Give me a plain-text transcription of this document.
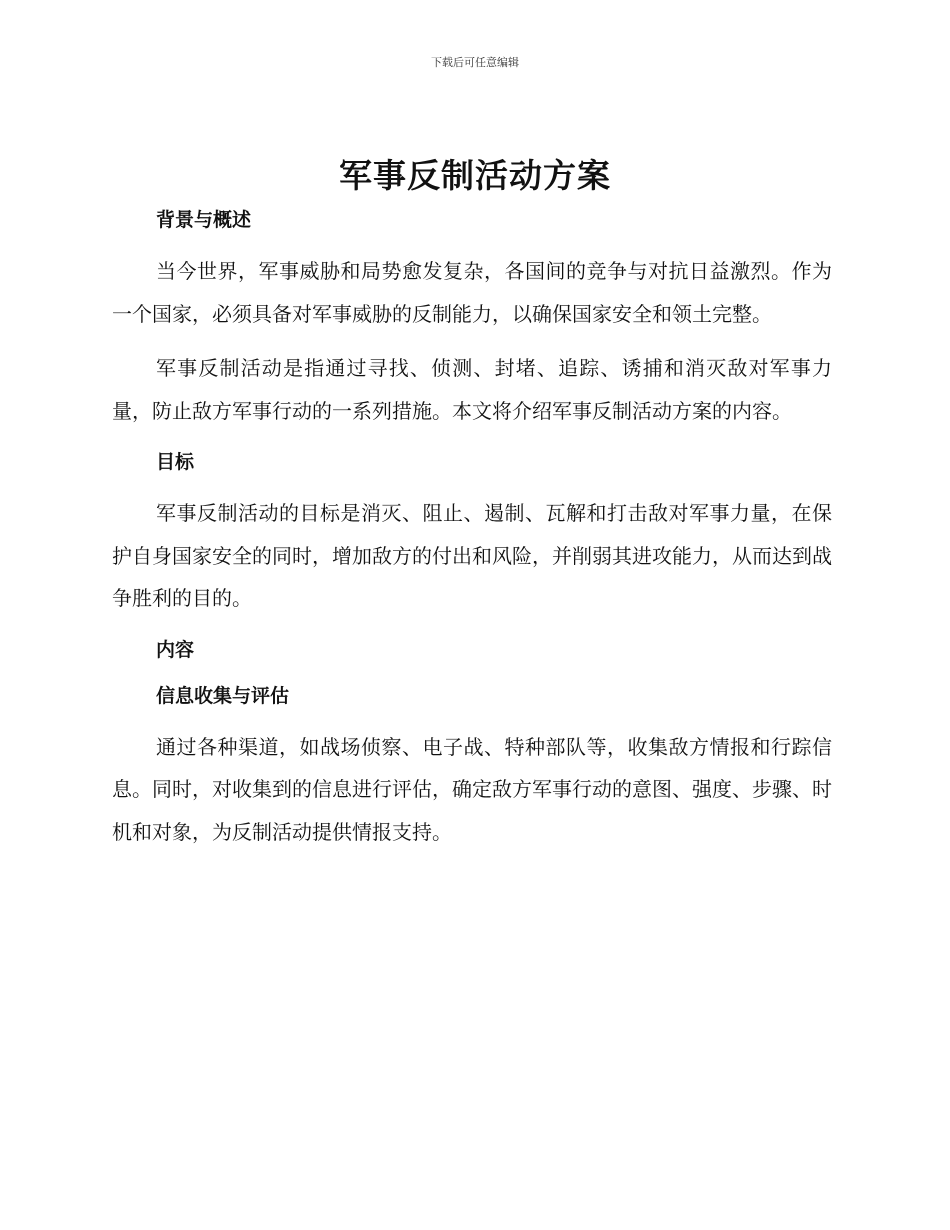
下载后可任意编辑
军事反制活动方案
背景与概述

当今世界，军事威胁和局势愈发复杂，各国间的竞争与对抗日益激烈。作为一个国家，必须具备对军事威胁的反制能力，以确保国家安全和领土完整。

军事反制活动是指通过寻找、侦测、封堵、追踪、诱捕和消灭敌对军事力量，防止敌方军事行动的一系列措施。本文将介绍军事反制活动方案的内容。

目标

军事反制活动的目标是消灭、阻止、遏制、瓦解和打击敌对军事力量，在保护自身国家安全的同时，增加敌方的付出和风险，并削弱其进攻能力，从而达到战争胜利的目的。

内容
信息收集与评估

通过各种渠道，如战场侦察、电子战、特种部队等，收集敌方情报和行踪信息。同时，对收集到的信息进行评估，确定敌方军事行动的意图、强度、步骤、时机和对象，为反制活动提供情报支持。
